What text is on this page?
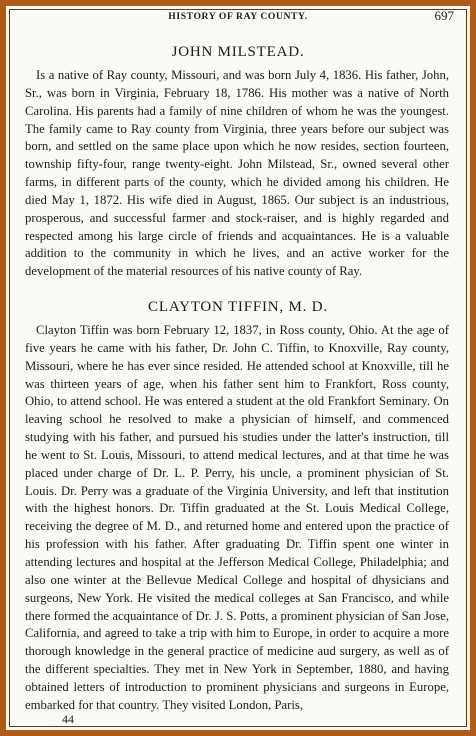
HISTORY OF RAY COUNTY.	697
JOHN MILSTEAD.

Is a native of Ray county, Missouri, and was born July 4, 1836. His father, John, Sr., was born in Virginia, February 18, 1786. His mother was a native of North Carolina. His parents had a family of nine children of whom he was the youngest. The family came to Ray county from Virginia, three years before our subject was born, and settled on the same place upon which he now resides, section fourteen, township fifty-four, range twenty-eight. John Milstead, Sr., owned several other farms, in different parts of the county, which he divided among his children. He died May 1, 1872. His wife died in August, 1865. Our subject is an industrious, prosperous, and successful farmer and stock-raiser, and is highly regarded and respected among his large circle of friends and acquaintances. He is a valuable addition to the community in which he lives, and an active worker for the development of the material resources of his native county of Ray.

CLAYTON TIFFIN, M. D.

Clayton Tiffin was born February 12, 1837, in Ross county, Ohio. At the age of five years he came with his father, Dr. John C. Tiffin, to Knoxville, Ray county, Missouri, where he has ever since resided. He attended school at Knoxville, till he was thirteen years of age, when his father sent him to Frankfort, Ross county, Ohio, to attend school. He was entered a student at the old Frankfort Seminary. On leaving school he resolved to make a physician of himself, and commenced studying with his father, and pursued his studies under the latter's instruction, till he went to St. Louis, Missouri, to attend medical lectures, and at that time he was placed under charge of Dr. L. P. Perry, his uncle, a prominent physician of St. Louis. Dr. Perry was a graduate of the Virginia University, and left that institution with the highest honors. Dr. Tiffin graduated at the St. Louis Medical College, receiving the degree of M. D., and returned home and entered upon the practice of his profession with his father. After graduating Dr. Tiffin spent one winter in attending lectures and hospital at the Jefferson Medical College, Philadelphia; and also one winter at the Bellevue Medical College and hospital of dhysicians and surgeons, New York. He visited the medical colleges at San Francisco, and while there formed the acquaintance of Dr. J. S. Potts, a prominent physician of San Jose, California, and agreed to take a trip with him to Europe, in order to acquire a more thorough knowledge in the general practice of medicine aud surgery, as well as of the different specialties. They met in New York in September, 1880, and having obtained letters of introduction to prominent physicians and surgeons in Europe, embarked for that country. They visited London, Paris,

44
